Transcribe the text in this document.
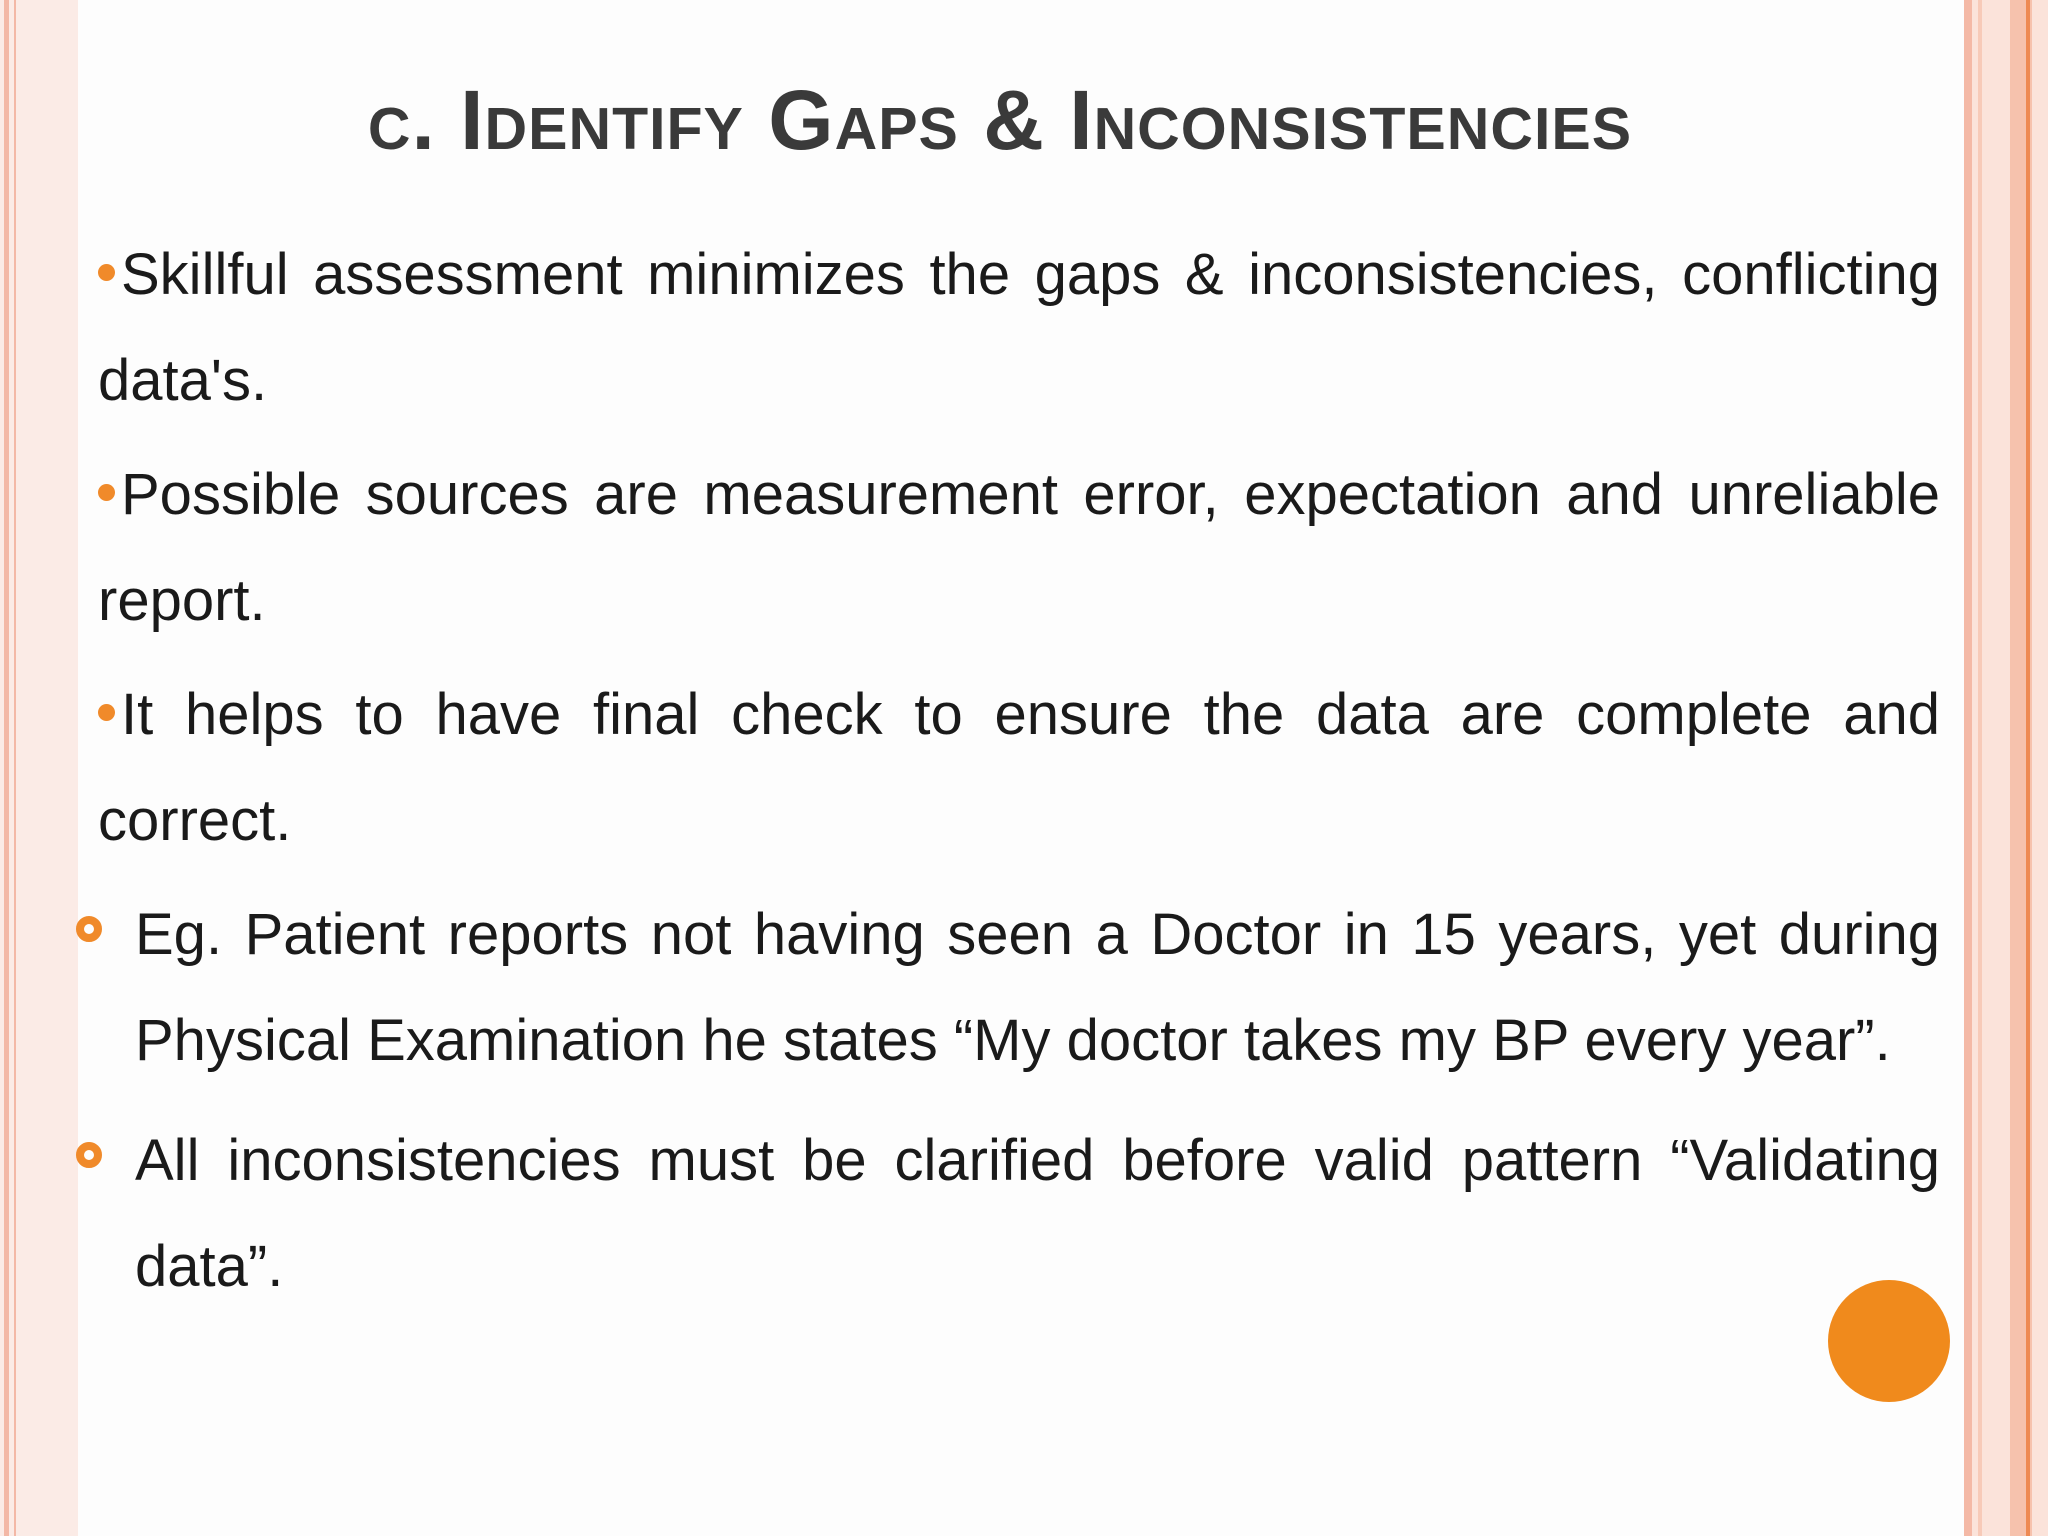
c. Identify Gaps & Inconsistencies

Skillful assessment minimizes the gaps & inconsistencies, conflicting data's.

Possible sources are measurement error, expectation and unreliable report.

It helps to have final check to ensure the data are complete and correct.

Eg. Patient reports not having seen a Doctor in 15 years, yet during Physical Examination he states “My doctor takes my BP every year”.

All inconsistencies must be clarified before valid pattern “Validating data”.
